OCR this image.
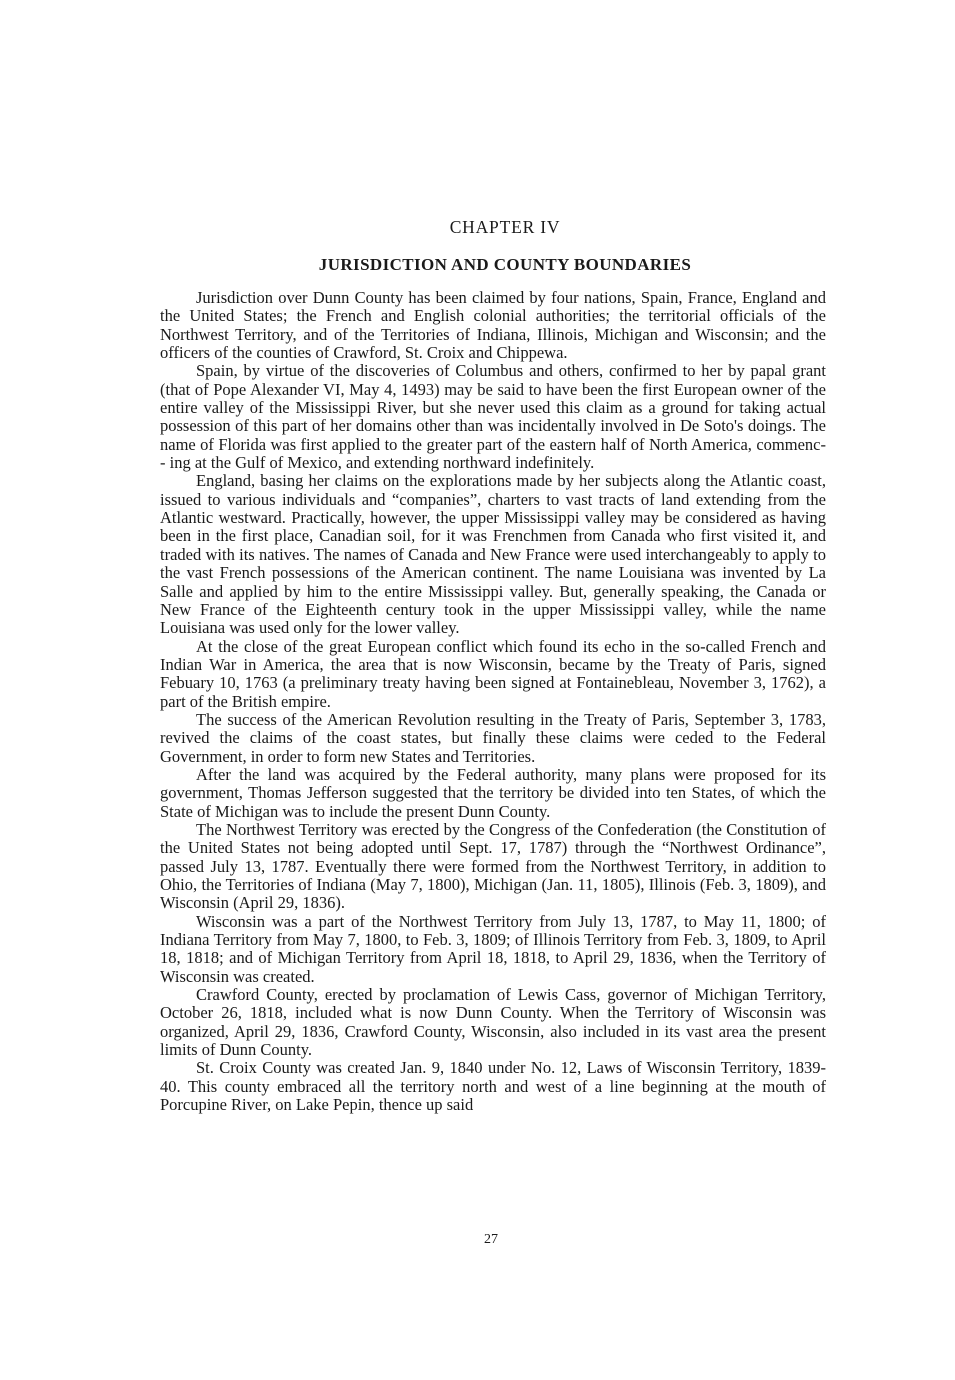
CHAPTER IV
JURISDICTION AND COUNTY BOUNDARIES

Jurisdiction over Dunn County has been claimed by four nations, Spain, France, England and the United States; the French and English colonial authorities; the territorial officials of the Northwest Territory, and of the Territories of Indiana, Illinois, Michigan and Wisconsin; and the officers of the counties of Crawford, St. Croix and Chippewa.

Spain, by virtue of the discoveries of Columbus and others, confirmed to her by papal grant (that of Pope Alexander VI, May 4, 1493) may be said to have been the first European owner of the entire valley of the Mississippi River, but she never used this claim as a ground for taking actual possession of this part of her domains other than was incidentally involved in De Soto's doings. The name of Florida was first applied to the greater part of the eastern half of North America, commenc-- ing at the Gulf of Mexico, and extending northward indefinitely.

England, basing her claims on the explorations made by her subjects along the Atlantic coast, issued to various individuals and “companies”, charters to vast tracts of land extending from the Atlantic westward. Practically, however, the upper Mississippi valley may be considered as having been in the first place, Canadian soil, for it was Frenchmen from Canada who first visited it, and traded with its natives. The names of Canada and New France were used interchangeably to apply to the vast French possessions of the American continent. The name Louisiana was invented by La Salle and applied by him to the entire Mississippi valley. But, generally speaking, the Canada or New France of the Eighteenth century took in the upper Mississippi valley, while the name Louisiana was used only for the lower valley.

At the close of the great European conflict which found its echo in the so-called French and Indian War in America, the area that is now Wisconsin, became by the Treaty of Paris, signed Febuary 10, 1763 (a preliminary treaty having been signed at Fontainebleau, November 3, 1762), a part of the British empire.

The success of the American Revolution resulting in the Treaty of Paris, September 3, 1783, revived the claims of the coast states, but finally these claims were ceded to the Federal Government, in order to form new States and Territories.

After the land was acquired by the Federal authority, many plans were proposed for its government, Thomas Jefferson suggested that the territory be divided into ten States, of which the State of Michigan was to include the present Dunn County.

The Northwest Territory was erected by the Congress of the Confederation (the Constitution of the United States not being adopted until Sept. 17, 1787) through the “Northwest Ordinance”, passed July 13, 1787. Eventually there were formed from the Northwest Territory, in addition to Ohio, the Territories of Indiana (May 7, 1800), Michigan (Jan. 11, 1805), Illinois (Feb. 3, 1809), and Wisconsin (April 29, 1836).

Wisconsin was a part of the Northwest Territory from July 13, 1787, to May 11, 1800; of Indiana Territory from May 7, 1800, to Feb. 3, 1809; of Illinois Territory from Feb. 3, 1809, to April 18, 1818; and of Michigan Territory from April 18, 1818, to April 29, 1836, when the Territory of Wisconsin was created.

Crawford County, erected by proclamation of Lewis Cass, governor of Michigan Territory, October 26, 1818, included what is now Dunn County. When the Territory of Wisconsin was organized, April 29, 1836, Crawford County, Wisconsin, also included in its vast area the present limits of Dunn County.

St. Croix County was created Jan. 9, 1840 under No. 12, Laws of Wisconsin Territory, 1839-40. This county embraced all the territory north and west of a line beginning at the mouth of Porcupine River, on Lake Pepin, thence up said

27
